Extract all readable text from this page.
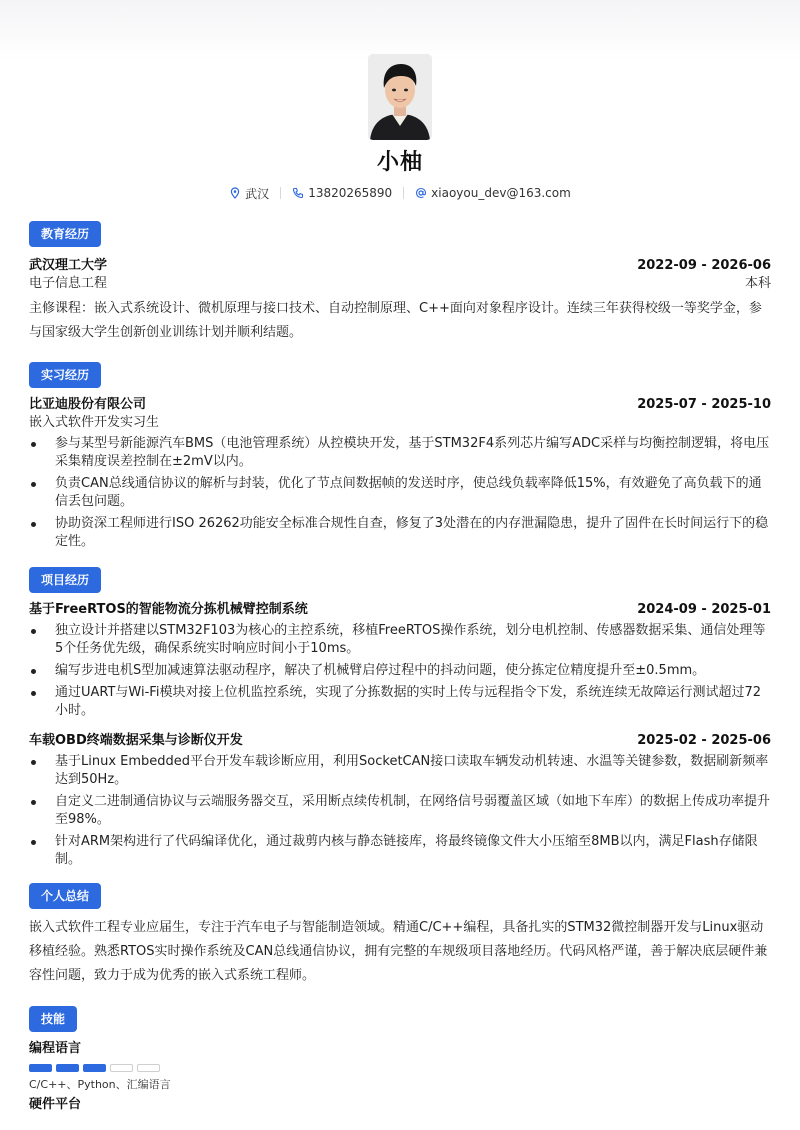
小柚
武汉	13820265890	xiaoyou_dev@163.com
教育经历
武汉理工大学	2022-09 - 2026-06
电子信息工程	本科
主修课程：嵌入式系统设计、微机原理与接口技术、自动控制原理、C++面向对象程序设计。连续三年获得校级一等奖学金，参与国家级大学生创新创业训练计划并顺利结题。
实习经历
比亚迪股份有限公司	2025-07 - 2025-10
嵌入式软件开发实习生
参与某型号新能源汽车BMS（电池管理系统）从控模块开发，基于STM32F4系列芯片编写ADC采样与均衡控制逻辑，将电压采集精度误差控制在±2mV以内。
负责CAN总线通信协议的解析与封装，优化了节点间数据帧的发送时序，使总线负载率降低15%，有效避免了高负载下的通信丢包问题。
协助资深工程师进行ISO 26262功能安全标准合规性自查，修复了3处潜在的内存泄漏隐患，提升了固件在长时间运行下的稳定性。
项目经历
基于FreeRTOS的智能物流分拣机械臂控制系统	2024-09 - 2025-01
独立设计并搭建以STM32F103为核心的主控系统，移植FreeRTOS操作系统，划分电机控制、传感器数据采集、通信处理等5个任务优先级，确保系统实时响应时间小于10ms。
编写步进电机S型加减速算法驱动程序，解决了机械臂启停过程中的抖动问题，使分拣定位精度提升至±0.5mm。
通过UART与Wi-Fi模块对接上位机监控系统，实现了分拣数据的实时上传与远程指令下发，系统连续无故障运行测试超过72小时。
车载OBD终端数据采集与诊断仪开发	2025-02 - 2025-06
基于Linux Embedded平台开发车载诊断应用，利用SocketCAN接口读取车辆发动机转速、水温等关键参数，数据刷新频率达到50Hz。
自定义二进制通信协议与云端服务器交互，采用断点续传机制，在网络信号弱覆盖区域（如地下车库）的数据上传成功率提升至98%。
针对ARM架构进行了代码编译优化，通过裁剪内核与静态链接库，将最终镜像文件大小压缩至8MB以内，满足Flash存储限制。
个人总结
嵌入式软件工程专业应届生，专注于汽车电子与智能制造领域。精通C/C++编程，具备扎实的STM32微控制器开发与Linux驱动移植经验。熟悉RTOS实时操作系统及CAN总线通信协议，拥有完整的车规级项目落地经历。代码风格严谨，善于解决底层硬件兼容性问题，致力于成为优秀的嵌入式系统工程师。
技能
编程语言
C/C++、Python、汇编语言
硬件平台
